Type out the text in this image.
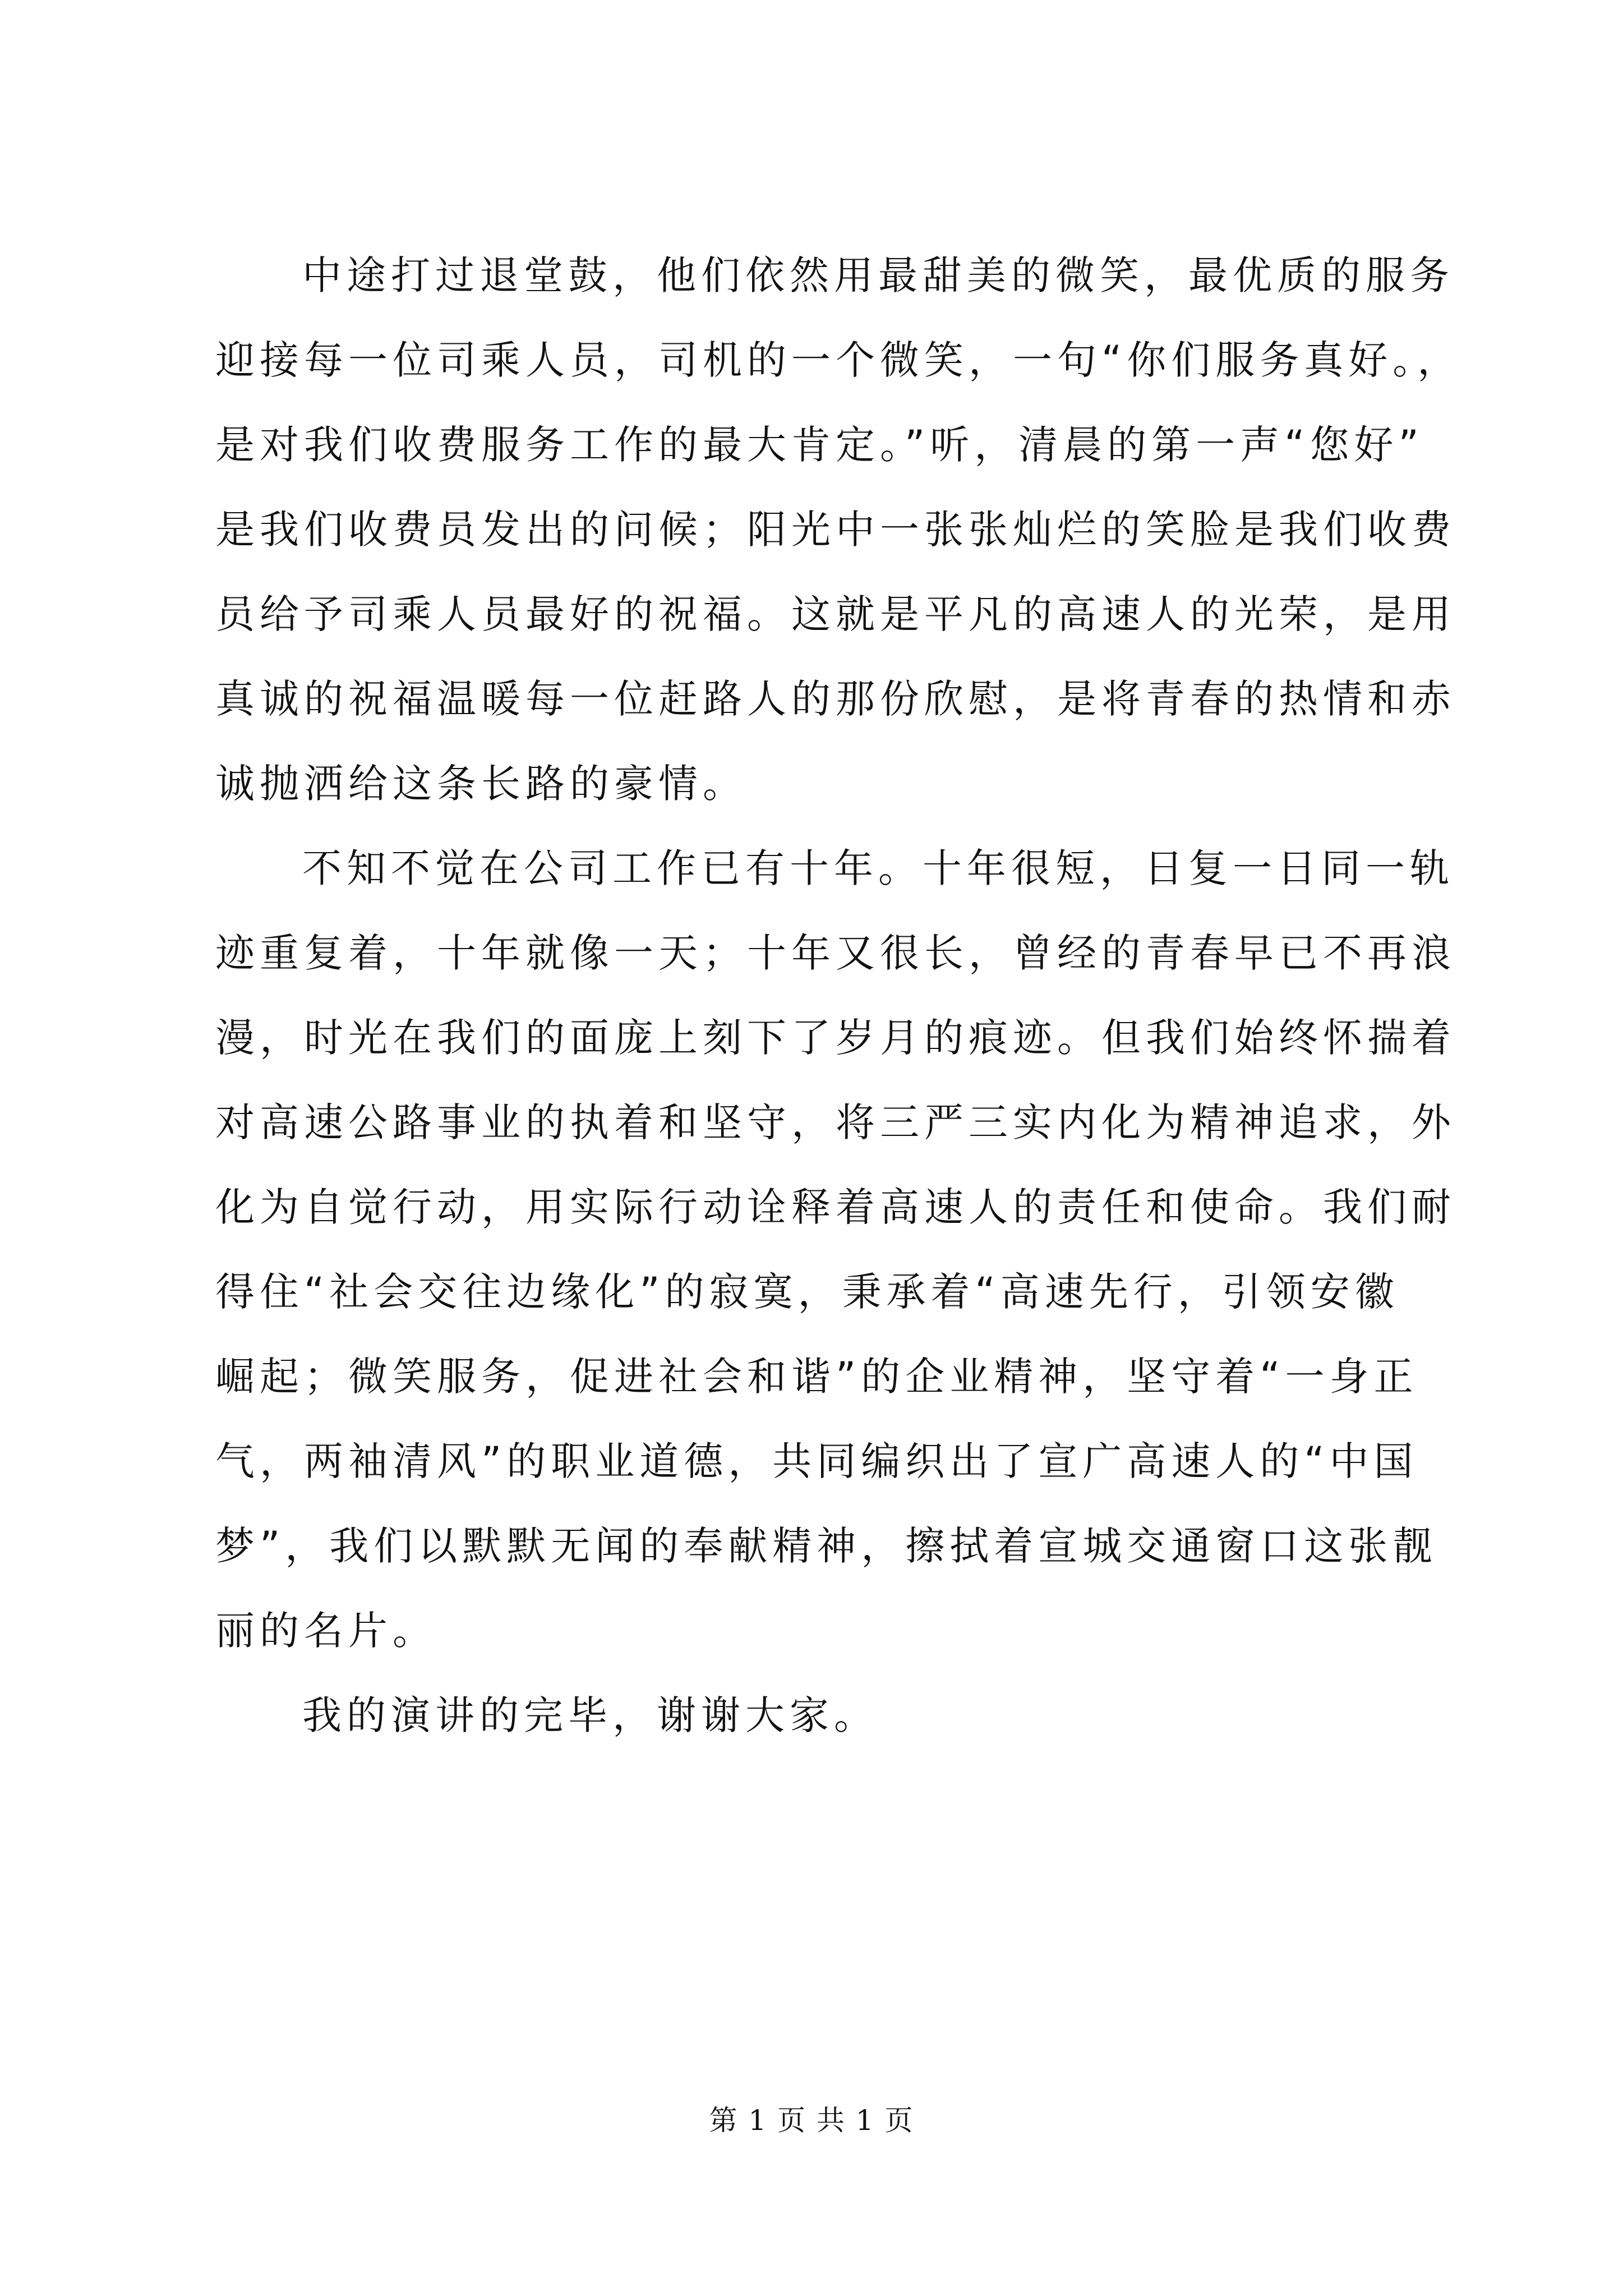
中途打过退堂鼓，他们依然用最甜美的微笑，最优质的服务
迎接每一位司乘人员，司机的一个微笑，一句“你们服务真好。，
是对我们收费服务工作的最大肯定。”听，清晨的第一声“您好”
是我们收费员发出的问候；阳光中一张张灿烂的笑脸是我们收费
员给予司乘人员最好的祝福。这就是平凡的高速人的光荣，是用
真诚的祝福温暖每一位赶路人的那份欣慰，是将青春的热情和赤
诚抛洒给这条长路的豪情。
不知不觉在公司工作已有十年。十年很短，日复一日同一轨
迹重复着，十年就像一天；十年又很长，曾经的青春早已不再浪
漫，时光在我们的面庞上刻下了岁月的痕迹。但我们始终怀揣着
对高速公路事业的执着和坚守，将三严三实内化为精神追求，外
化为自觉行动，用实际行动诠释着高速人的责任和使命。我们耐
得住“社会交往边缘化”的寂寞，秉承着“高速先行，引领安徽
崛起；微笑服务，促进社会和谐”的企业精神，坚守着“一身正
气，两袖清风”的职业道德，共同编织出了宣广高速人的“中国
梦”，我们以默默无闻的奉献精神，擦拭着宣城交通窗口这张靓
丽的名片。
我的演讲的完毕，谢谢大家。
第 1 页 共 1 页
